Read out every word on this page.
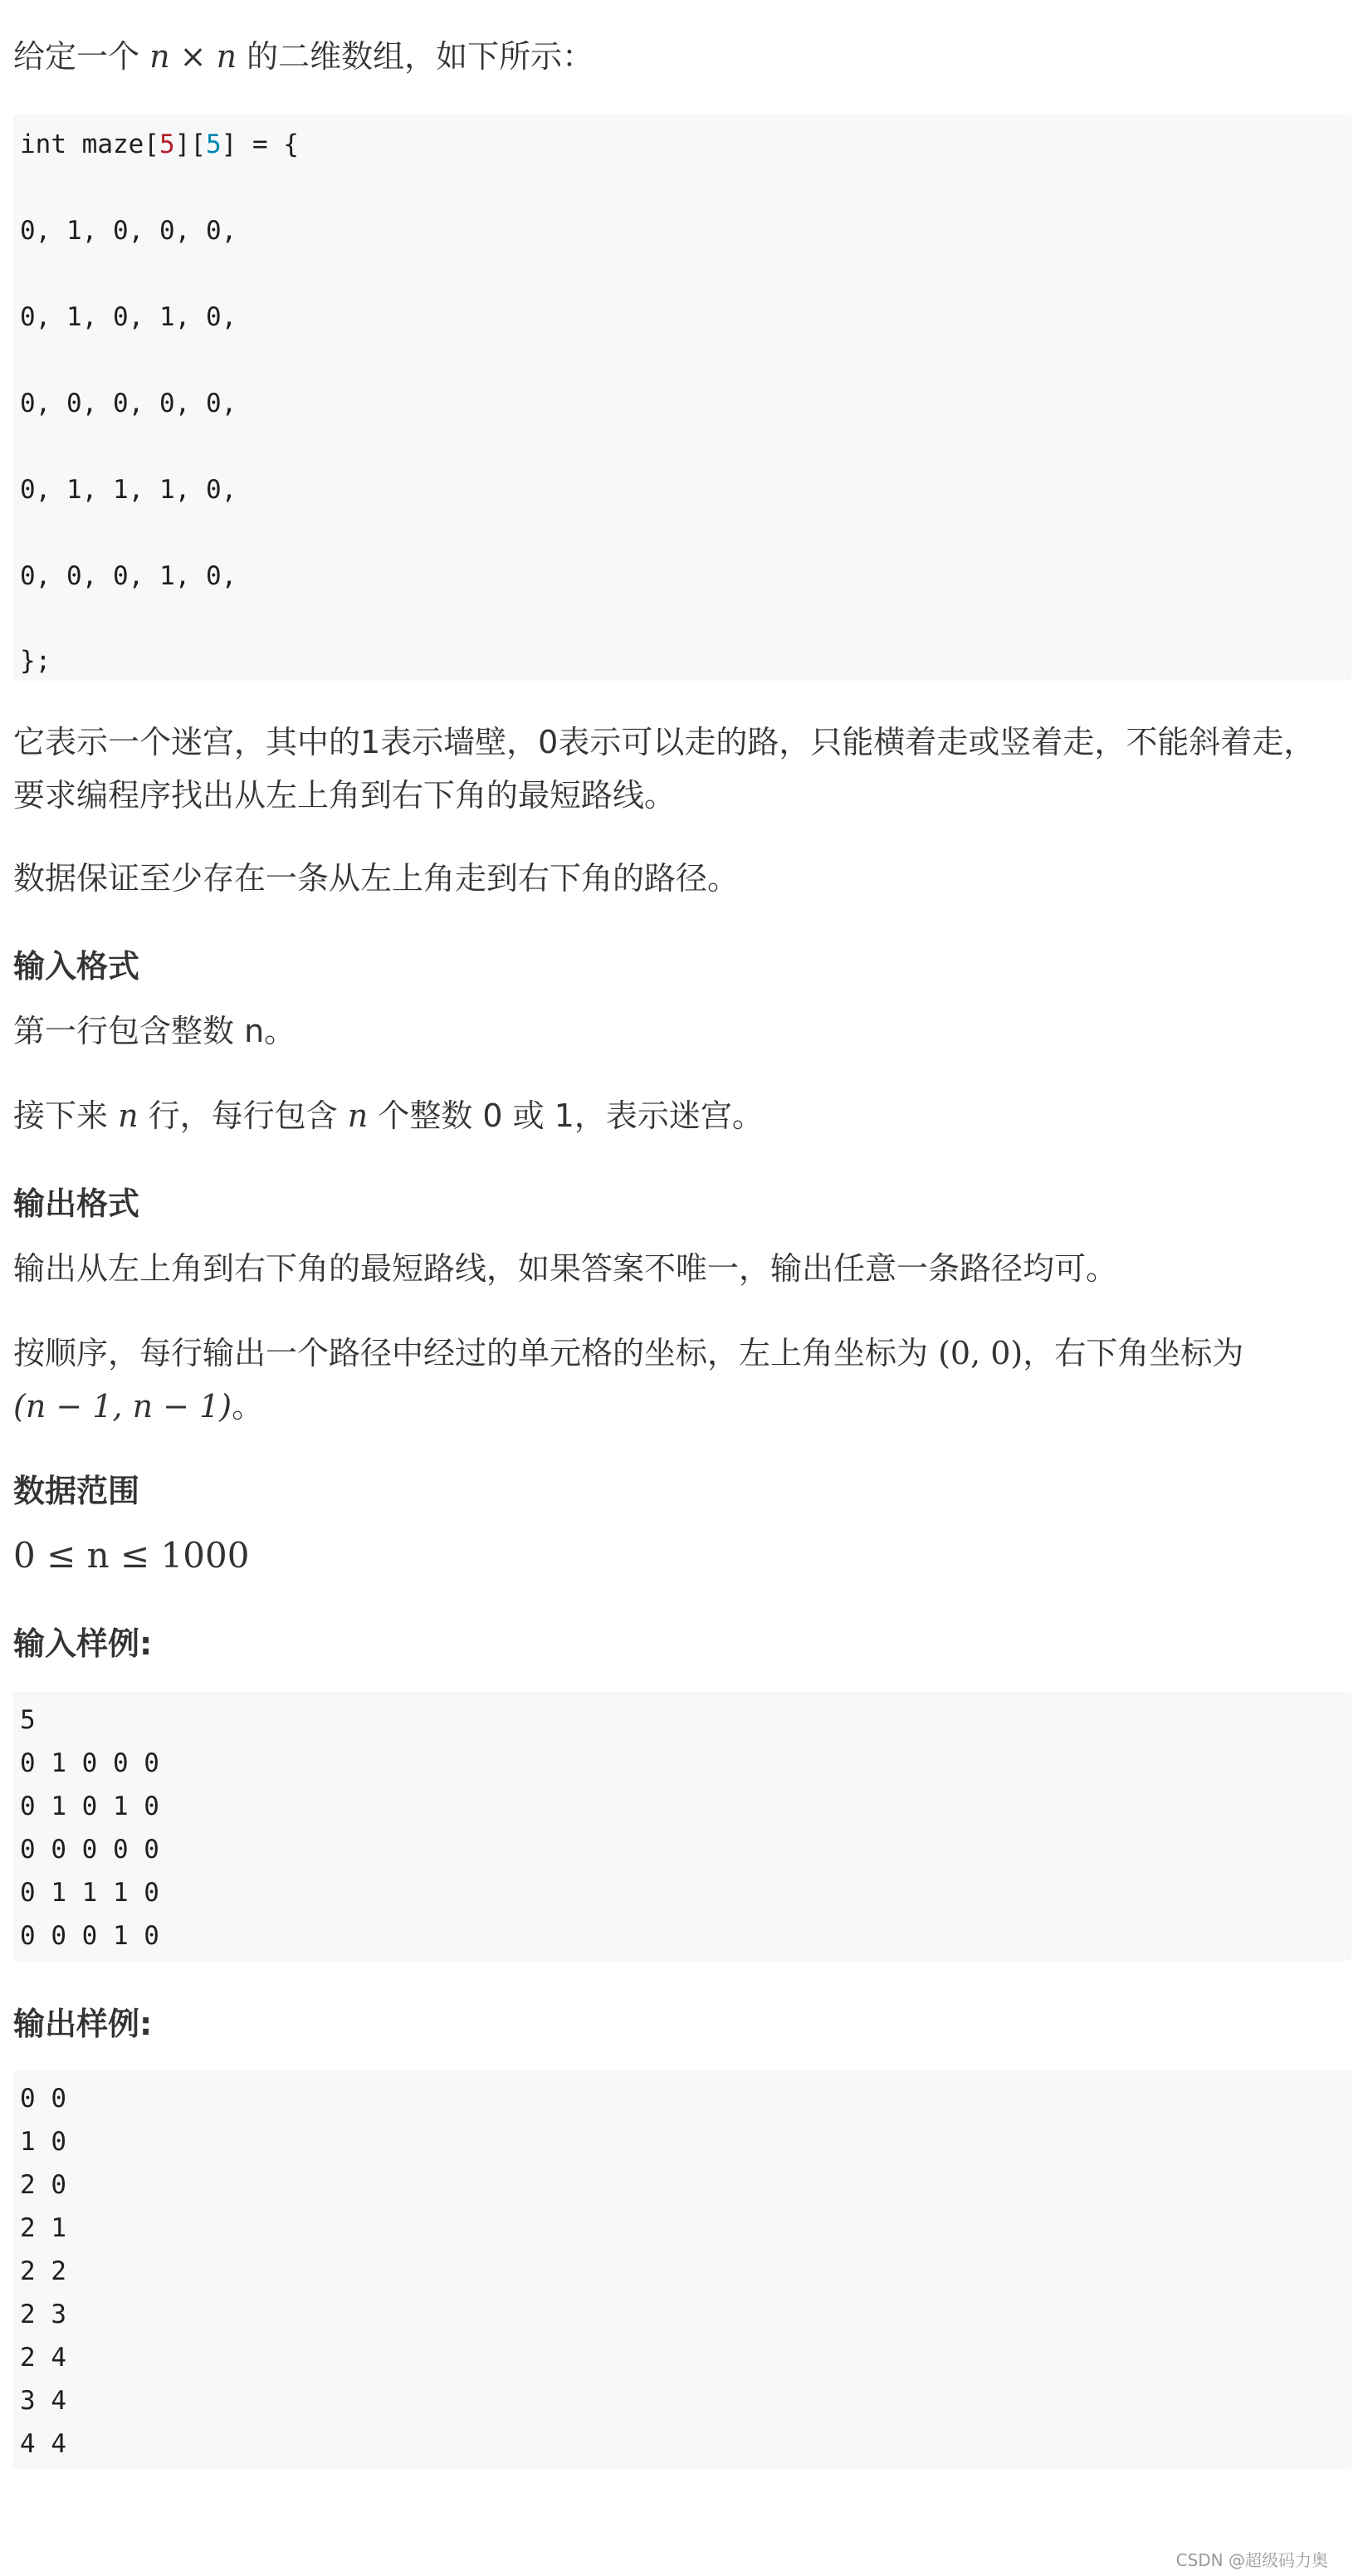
给定一个 n × n 的二维数组，如下所示：

int maze[5][5] = {
0, 1, 0, 0, 0,
0, 1, 0, 1, 0,
0, 0, 0, 0, 0,
0, 1, 1, 1, 0,
0, 0, 0, 1, 0,
};

它表示一个迷宫，其中的1表示墙壁，0表示可以走的路，只能横着走或竖着走，不能斜着走，要求编程序找出从左上角到右下角的最短路线。

数据保证至少存在一条从左上角走到右下角的路径。

输入格式

第一行包含整数 n。

接下来 n 行，每行包含 n 个整数 0 或 1，表示迷宫。

输出格式

输出从左上角到右下角的最短路线，如果答案不唯一，输出任意一条路径均可。

按顺序，每行输出一个路径中经过的单元格的坐标，左上角坐标为 (0, 0)，右下角坐标为
(n − 1, n − 1)。

数据范围

0 ≤ n ≤ 1000

输入样例:
5
0 1 0 0 0
0 1 0 1 0
0 0 0 0 0
0 1 1 1 0
0 0 0 1 0
输出样例:
0 0
1 0
2 0
2 1
2 2
2 3
2 4
3 4
4 4
CSDN @超级码力奥
